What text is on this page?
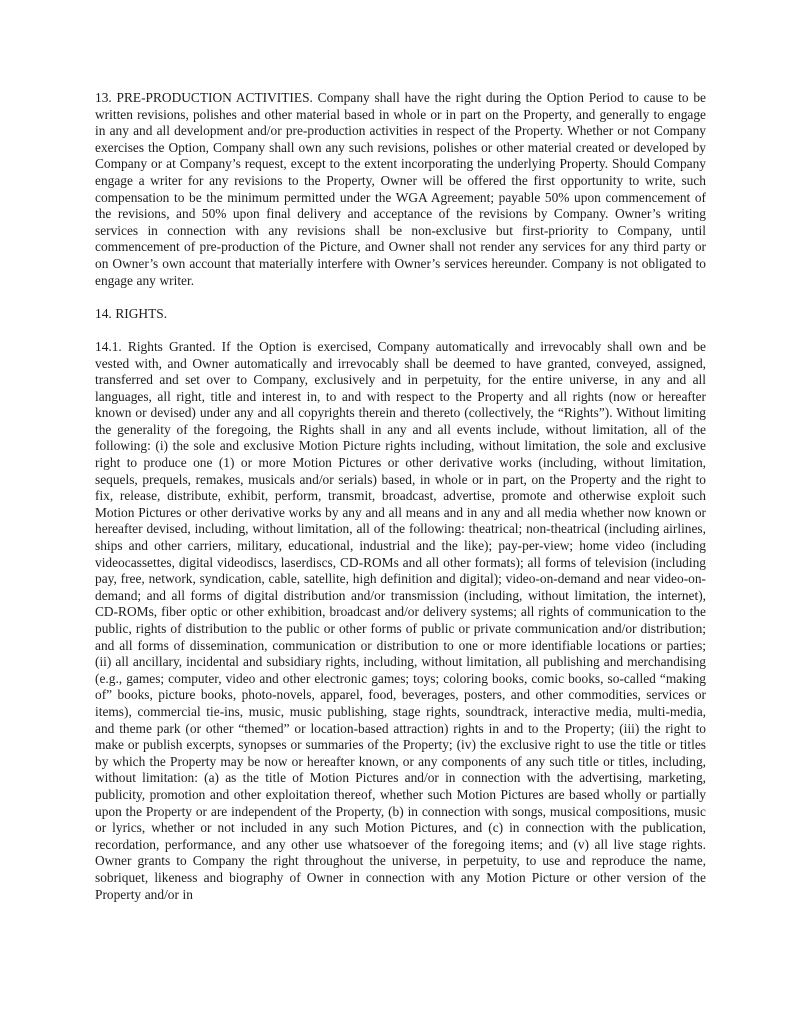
13. PRE-PRODUCTION ACTIVITIES. Company shall have the right during the Option Period to cause to be written revisions, polishes and other material based in whole or in part on the Property, and generally to engage in any and all development and/or pre-production activities in respect of the Property. Whether or not Company exercises the Option, Company shall own any such revisions, polishes or other material created or developed by Company or at Company’s request, except to the extent incorporating the underlying Property. Should Company engage a writer for any revisions to the Property, Owner will be offered the first opportunity to write, such compensation to be the minimum permitted under the WGA Agreement; payable 50% upon commencement of the revisions, and 50% upon final delivery and acceptance of the revisions by Company. Owner’s writing services in connection with any revisions shall be non-exclusive but first-priority to Company, until commencement of pre-production of the Picture, and Owner shall not render any services for any third party or on Owner’s own account that materially interfere with Owner’s services hereunder. Company is not obligated to engage any writer.

14. RIGHTS.

14.1. Rights Granted. If the Option is exercised, Company automatically and irrevocably shall own and be vested with, and Owner automatically and irrevocably shall be deemed to have granted, conveyed, assigned, transferred and set over to Company, exclusively and in perpetuity, for the entire universe, in any and all languages, all right, title and interest in, to and with respect to the Property and all rights (now or hereafter known or devised) under any and all copyrights therein and thereto (collectively, the “Rights”). Without limiting the generality of the foregoing, the Rights shall in any and all events include, without limitation, all of the following: (i) the sole and exclusive Motion Picture rights including, without limitation, the sole and exclusive right to produce one (1) or more Motion Pictures or other derivative works (including, without limitation, sequels, prequels, remakes, musicals and/or serials) based, in whole or in part, on the Property and the right to fix, release, distribute, exhibit, perform, transmit, broadcast, advertise, promote and otherwise exploit such Motion Pictures or other derivative works by any and all means and in any and all media whether now known or hereafter devised, including, without limitation, all of the following: theatrical; non-theatrical (including airlines, ships and other carriers, military, educational, industrial and the like); pay-per-view; home video (including videocassettes, digital videodiscs, laserdiscs, CD-ROMs and all other formats); all forms of television (including pay, free, network, syndication, cable, satellite, high definition and digital); video-on-demand and near video-on-demand; and all forms of digital distribution and/or transmission (including, without limitation, the internet), CD-ROMs, fiber optic or other exhibition, broadcast and/or delivery systems; all rights of communication to the public, rights of distribution to the public or other forms of public or private communication and/or distribution; and all forms of dissemination, communication or distribution to one or more identifiable locations or parties; (ii) all ancillary, incidental and subsidiary rights, including, without limitation, all publishing and merchandising (e.g., games; computer, video and other electronic games; toys; coloring books, comic books, so-called “making of” books, picture books, photo-novels, apparel, food, beverages, posters, and other commodities, services or items), commercial tie-ins, music, music publishing, stage rights, soundtrack, interactive media, multi-media, and theme park (or other “themed” or location-based attraction) rights in and to the Property; (iii) the right to make or publish excerpts, synopses or summaries of the Property; (iv) the exclusive right to use the title or titles by which the Property may be now or hereafter known, or any components of any such title or titles, including, without limitation: (a) as the title of Motion Pictures and/or in connection with the advertising, marketing, publicity, promotion and other exploitation thereof, whether such Motion Pictures are based wholly or partially upon the Property or are independent of the Property, (b) in connection with songs, musical compositions, music or lyrics, whether or not included in any such Motion Pictures, and (c) in connection with the publication, recordation, performance, and any other use whatsoever of the foregoing items; and (v) all live stage rights. Owner grants to Company the right throughout the universe, in perpetuity, to use and reproduce the name, sobriquet, likeness and biography of Owner in connection with any Motion Picture or other version of the Property and/or in
